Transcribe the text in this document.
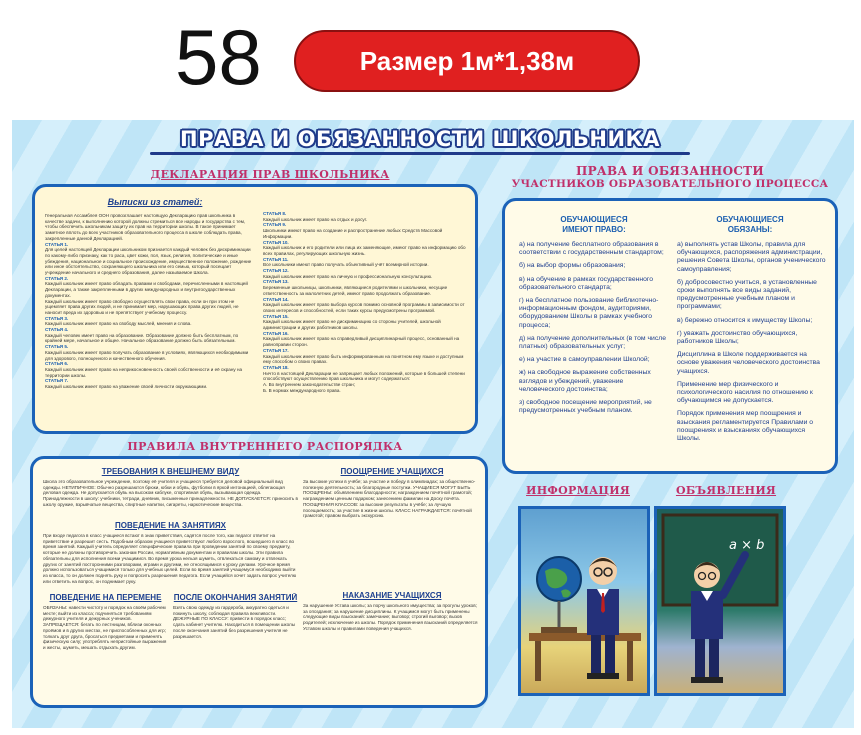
58	Размер 1м*1,38м
ПРАВА И ОБЯЗАННОСТИ ШКОЛЬНИКА
ДЕКЛАРАЦИЯ ПРАВ ШКОЛЬНИКА
Выписки из статей:
Генеральная Ассамблея ООН провозглашает настоящую Декларацию прав школьника в качестве задачи, к выполнению которой должны стремиться все народы и государства с тем, чтобы обеспечить школьникам защиту их прав на территории школы. В такое принимает заметное вплоть до всех участников образовательного процесса в школе соблюдать права, закрепленные данной Декларацией.
СТАТЬЯ 1.
Для целей настоящей Декларации школьником признается каждый человек без дискриминации по какому-либо признаку, как то раса, цвет кожи, пол, язык, религия, политические и иные убеждения, национальное и социальное происхождение, имущественное положение, рождение или иное обстоятельство, сохраняющего школьника или его семью, который посещает учреждение начального и среднего образования, далее называемое Школа.
СТАТЬЯ 2.
Каждый школьник имеет право обладать правами и свободами, перечисленными в настоящей Декларации, а также закрепленными в других международных и внутригосударственных документах.
Каждый школьник имеет право свободно осуществлять свои права, если он при этом не ущемляет права других людей, и не принимает мер, нарушающих права других людей, не наносит вреда их здоровью и не препятствует учебному процессу.
СТАТЬЯ 3.
Каждый школьник имеет право на свободу мыслей, мнения и слова.
СТАТЬЯ 4.
Каждый человек имеет право на образование. Образование должно быть бесплатным, по крайней мере, начальное и общее. Начальное образование должно быть обязательным.
СТАТЬЯ 5.
Каждый школьник имеет право получать образование в условиях, являющихся необходимыми для здорового, полноценного и качественного обучения.
СТАТЬЯ 6.
Каждый школьник имеет право на неприкосновенность своей собственности и её охрану на территории школы.
СТАТЬЯ 7.
Каждый школьник имеет право на уважение своей личности окружающими.
СТАТЬЯ 8.
Каждый школьник имеет право на отдых и досуг.
СТАТЬЯ 9.
Школьники имеют право на создание и распространение любых Средств Массовой Информации.
СТАТЬЯ 10.
Каждый школьник и его родители или лица их заменяющие, имеют право на информацию обо всех правилах, регулирующих школьную жизнь.
СТАТЬЯ 11.
Все школьники имеют право получать объективный учёт всемирной истории.
СТАТЬЯ 12.
Каждый школьник имеет право на личную и профессиональную консультацию.
СТАТЬЯ 13.
Беременные школьницы, школьники, являющиеся родителями и школьники, несущие ответственность за малолетних детей, имеют право продолжать образование.
СТАТЬЯ 14.
Каждый школьник имеет право выбора курсов помимо основной программы в зависимости от своих интересов и способностей, если таких курсы предусмотрены программой.
СТАТЬЯ 15.
Каждый школьник имеет право не дискриминацию со стороны учителей, школьной администрации и других работников школы.
СТАТЬЯ 16.
Каждый школьник имеет право на справедливый дисциплинарный процесс, основанный на равноправии сторон.
СТАТЬЯ 17.
Каждый школьник имеет право быть информированным на понятном ему языке и доступным ему способом о своих правах.
СТАТЬЯ 18.
Ничто в настоящей Декларации не запрещает любых положений, которые в большей степени способствуют осуществлению прав школьника и могут содержаться:
А. Во внутреннем законодательстве стран;
Б. В нормах международного права.
ПРАВА И ОБЯЗАННОСТИ
УЧАСТНИКОВ ОБРАЗОВАТЕЛЬНОГО ПРОЦЕССА
ОБУЧАЮЩИЕСЯ
ИМЕЮТ ПРАВО:
ОБУЧАЮЩИЕСЯ
ОБЯЗАНЫ:
а) на получение бесплатного образования в соответствии с государственным стандартом;
б) на выбор формы образования;
в) на обучение в рамках государственного образовательного стандарта;
г) на бесплатное пользование библиотечно-информационным фондом, аудиториями, оборудованием Школы в рамках учебного процесса;
д) на получение дополнительных (в том числе платных) образовательных услуг;
е) на участие в самоуправлении Школой;
ж) на свободное выражение собственных взглядов и убеждений, уважение человеческого достоинства;
з) свободное посещение мероприятий, не предусмотренных учебным планом.
а) выполнять устав Школы, правила для обучающихся, распоряжения администрации, решения Совета Школы, органов ученического самоуправления;
б) добросовестно учиться, в установленные сроки выполнять все виды заданий, предусмотренные учебным планом и программами;
в) бережно относится к имуществу Школы;
г) уважать достоинство обучающихся, работников Школы;
Дисциплина в Школе поддерживается на основе уважения человеческого достоинства учащихся.
Применение мер физического и психологического насилия по отношению к обучающимся не допускается.
Порядок применения мер поощрения и взыскания регламентируется Правилами о поощрениях и взысканиях обучающихся Школы.
ПРАВИЛА ВНУТРЕННЕГО РАСПОРЯДКА
ТРЕБОВАНИЯ К ВНЕШНЕМУ ВИДУ
Школа это образовательное учреждение, поэтому её учителя и учащиеся требуется деловой официальный вид одежды. НЕТИПИЧНОЕ: Обычно разрешаются брюки, юбки и обувь, футболки в яркой интонацией, облегающая деловая одежда. Не допускается обувь на высоком каблуке, спортивная обувь, вызывающая одежда. Принадлежности в школу: учебники, тетради, дневник, письменные принадлежности. НЕ ДОПУСКАЕТСЯ: приносить в школу оружие, взрывчатые вещества, спиртные напитки, сигареты, наркотические вещества.
ПОВЕДЕНИЕ НА ЗАНЯТИЯХ
При входе педагога в класс учащиеся встают в знак приветствия, садятся после того, как педагог ответит на приветствие и разрешит сесть. Подобным образом учащиеся приветствуют любого взрослого, вошедшего в класс во время занятий. Каждый учитель определяет специфические правила при проведении занятий по своему предмету, которые не должны противоречить законам России, нормативным документам и правилам школы. Эти правила обязательны для исполнения всеми учащимися. Во время урока нельзя шуметь, отвлекаться самому и отвлекать других от занятий посторонними разговорами, играми и другими, не относящимися к уроку делами. Урочное время должно использоваться учащимися только для учебных целей. Если во время занятий учащемуся необходимо выйти из класса, то он должен поднять руку и попросить разрешения педагога. Если учащийся хочет задать вопрос учителю или ответить на вопрос, он поднимает руку.
ПОВЕДЕНИЕ НА ПЕРЕМЕНЕ
ОБЯЗАНЫ: навести чистоту и порядок на своём рабочем месте; выйти из класса; подчиняться требованиям дежурного учителя и дежурных учеников. ЗАПРЕЩАЕТСЯ: бегать по лестницам, вблизи оконных проёмов и в других местах, не приспособленных для игр; толкать друг друга, бросаться предметами и применять физическую силу; употреблять непристойные выражения и жесты, шуметь, мешать отдыхать другим.
ПОСЛЕ ОКОНЧАНИЯ ЗАНЯТИЙ
Взять свою одежду из гардероба, аккуратно одеться и покинуть школу, соблюдая правила вежливости. ДЕЖУРНЫЕ ПО КЛАССУ: привести в порядок класс; сдать кабинет учителю. Находиться в помещении школы после окончания занятий без разрешения учителя не разрешается.
ПООЩРЕНИЕ УЧАЩИХСЯ
За высокие успехи в учёбе; за участие и победу в олимпиадах; за общественно-полезную деятельность; за благородные поступки. УЧАЩИЕСЯ МОГУТ БЫТЬ ПООЩРЕНЫ: объявлением благодарности; награждением почётной грамотой; награждением ценным подарком; занесением фамилии на Доску почёта. ПООЩРЕНИЯ КЛАССОВ: за высокие результаты в учёбе; за лучшую посещаемость; за участие в жизни школы. КЛАСС НАГРАЖДАЕТСЯ: почётной грамотой; правом выбрать экскурсию.
НАКАЗАНИЕ УЧАЩИХСЯ
За нарушение Устава школы; за порчу школьного имущества; за прогулы уроков; за опоздания; за нарушение дисциплины. К учащимся могут быть применены следующие виды взысканий: замечание; выговор; строгий выговор; вызов родителей; исключение из школы. Порядок применения взысканий определяется Уставом школы и правилами поведения учащихся.
ИНФОРМАЦИЯ	ОБЪЯВЛЕНИЯ
a × b
